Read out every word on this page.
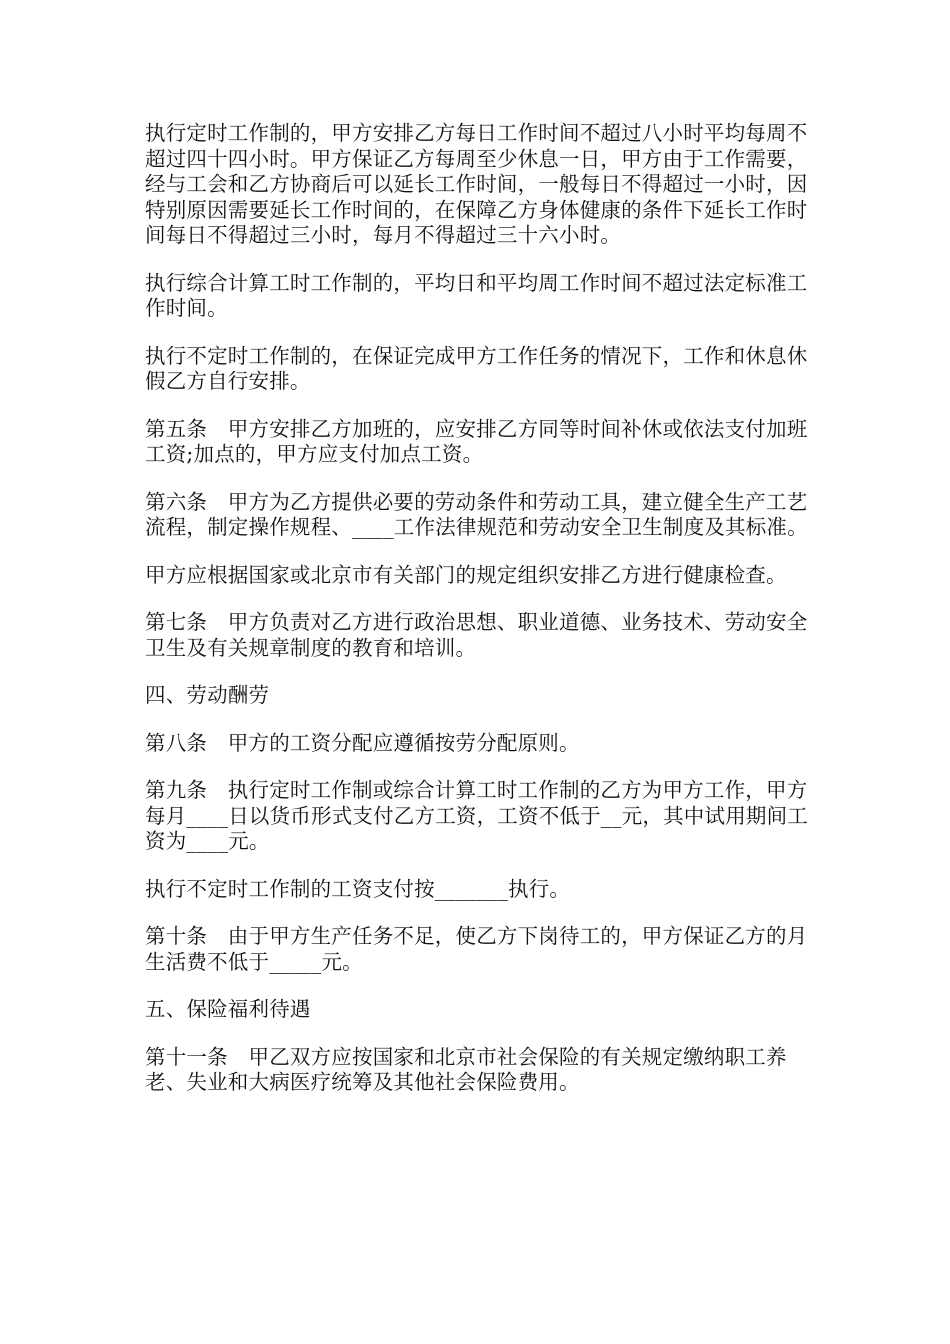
执行定时工作制的，甲方安排乙方每日工作时间不超过八小时平均每周不超过四十四小时。甲方保证乙方每周至少休息一日，甲方由于工作需要，经与工会和乙方协商后可以延长工作时间，一般每日不得超过一小时，因特别原因需要延长工作时间的，在保障乙方身体健康的条件下延长工作时间每日不得超过三小时，每月不得超过三十六小时。

执行综合计算工时工作制的，平均日和平均周工作时间不超过法定标准工作时间。

执行不定时工作制的，在保证完成甲方工作任务的情况下，工作和休息休假乙方自行安排。

第五条　甲方安排乙方加班的，应安排乙方同等时间补休或依法支付加班工资;加点的，甲方应支付加点工资。

第六条　甲方为乙方提供必要的劳动条件和劳动工具，建立健全生产工艺流程，制定操作规程、____工作法律规范和劳动安全卫生制度及其标准。

甲方应根据国家或北京市有关部门的规定组织安排乙方进行健康检查。

第七条　甲方负责对乙方进行政治思想、职业道德、业务技术、劳动安全卫生及有关规章制度的教育和培训。

四、劳动酬劳

第八条　甲方的工资分配应遵循按劳分配原则。

第九条　执行定时工作制或综合计算工时工作制的乙方为甲方工作，甲方每月____日以货币形式支付乙方工资，工资不低于__元，其中试用期间工资为____元。

执行不定时工作制的工资支付按_______执行。

第十条　由于甲方生产任务不足，使乙方下岗待工的，甲方保证乙方的月生活费不低于_____元。

五、保险福利待遇

第十一条　甲乙双方应按国家和北京市社会保险的有关规定缴纳职工养老、失业和大病医疗统筹及其他社会保险费用。
